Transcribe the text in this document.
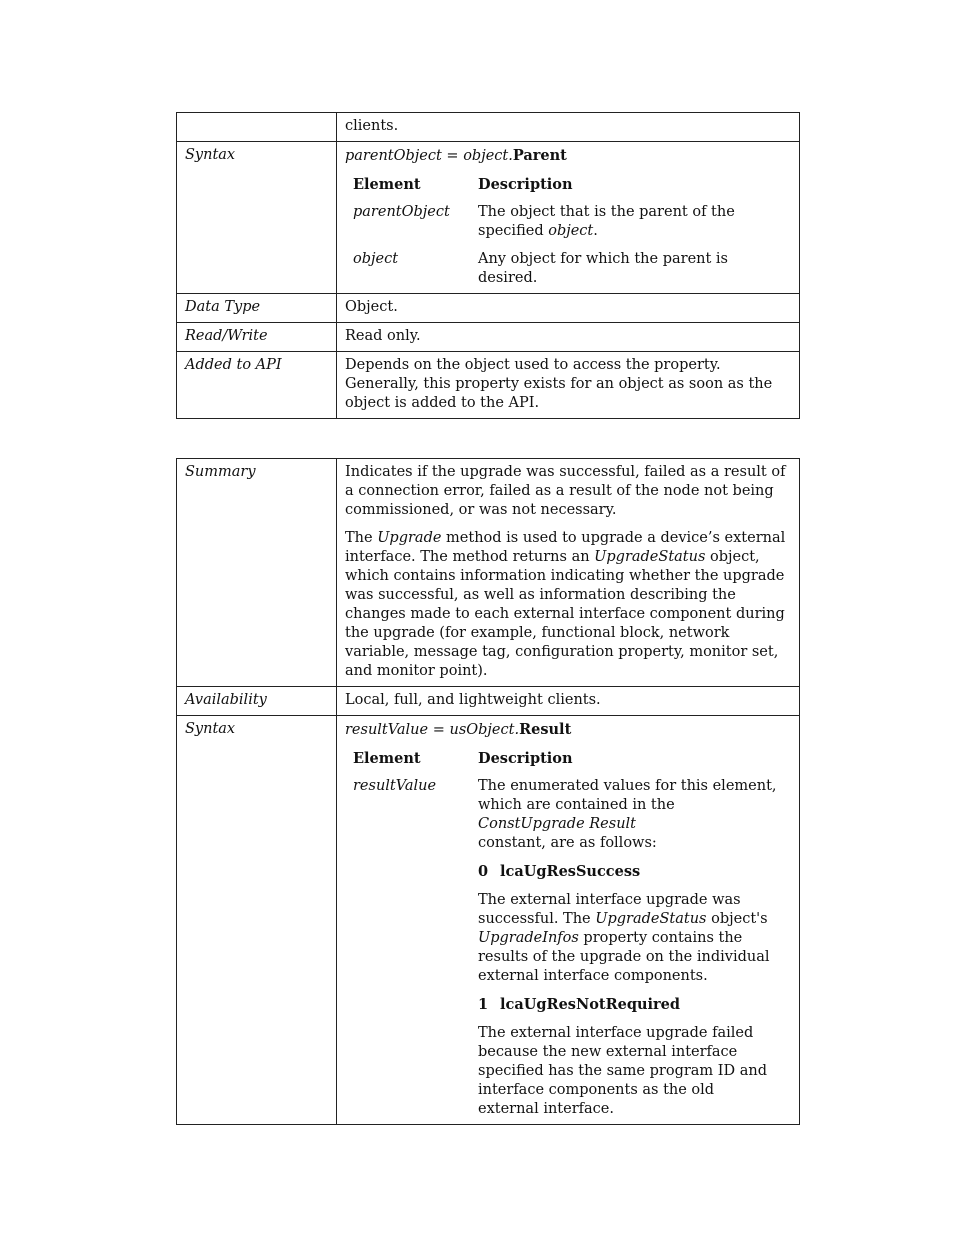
	clients.
Syntax	parentObject = object.Parent
Element	Description
parentObject	The object that is the parent of the specified object.
object	Any object for which the parent is desired.

Data Type	Object.
Read/Write	Read only.
Added to API	Depends on the object used to access the property. Generally, this property exists for an object as soon as the object is added to the API.
Summary	Indicates if the upgrade was successful, failed as a result of a connection error, failed as a result of the node not being commissioned, or was not necessary.

The Upgrade method is used to upgrade a device’s external interface. The method returns an UpgradeStatus object, which contains information indicating whether the upgrade was successful, as well as information describing the changes made to each external interface component during the upgrade (for example, functional block, network variable, message tag, configuration property, monitor set, and monitor point).

Availability	Local, full, and lightweight clients.
Syntax	resultValue = usObject.Result
Element	Description
resultValue	The enumerated values for this element, which are contained in the ConstUpgrade Result
constant, are as follows:

0 lcaUgResSuccess

The external interface upgrade was successful. The UpgradeStatus object's UpgradeInfos property contains the results of the upgrade on the individual external interface components.

1 lcaUgResNotRequired

The external interface upgrade failed because the new external interface specified has the same program ID and interface components as the old external interface.
